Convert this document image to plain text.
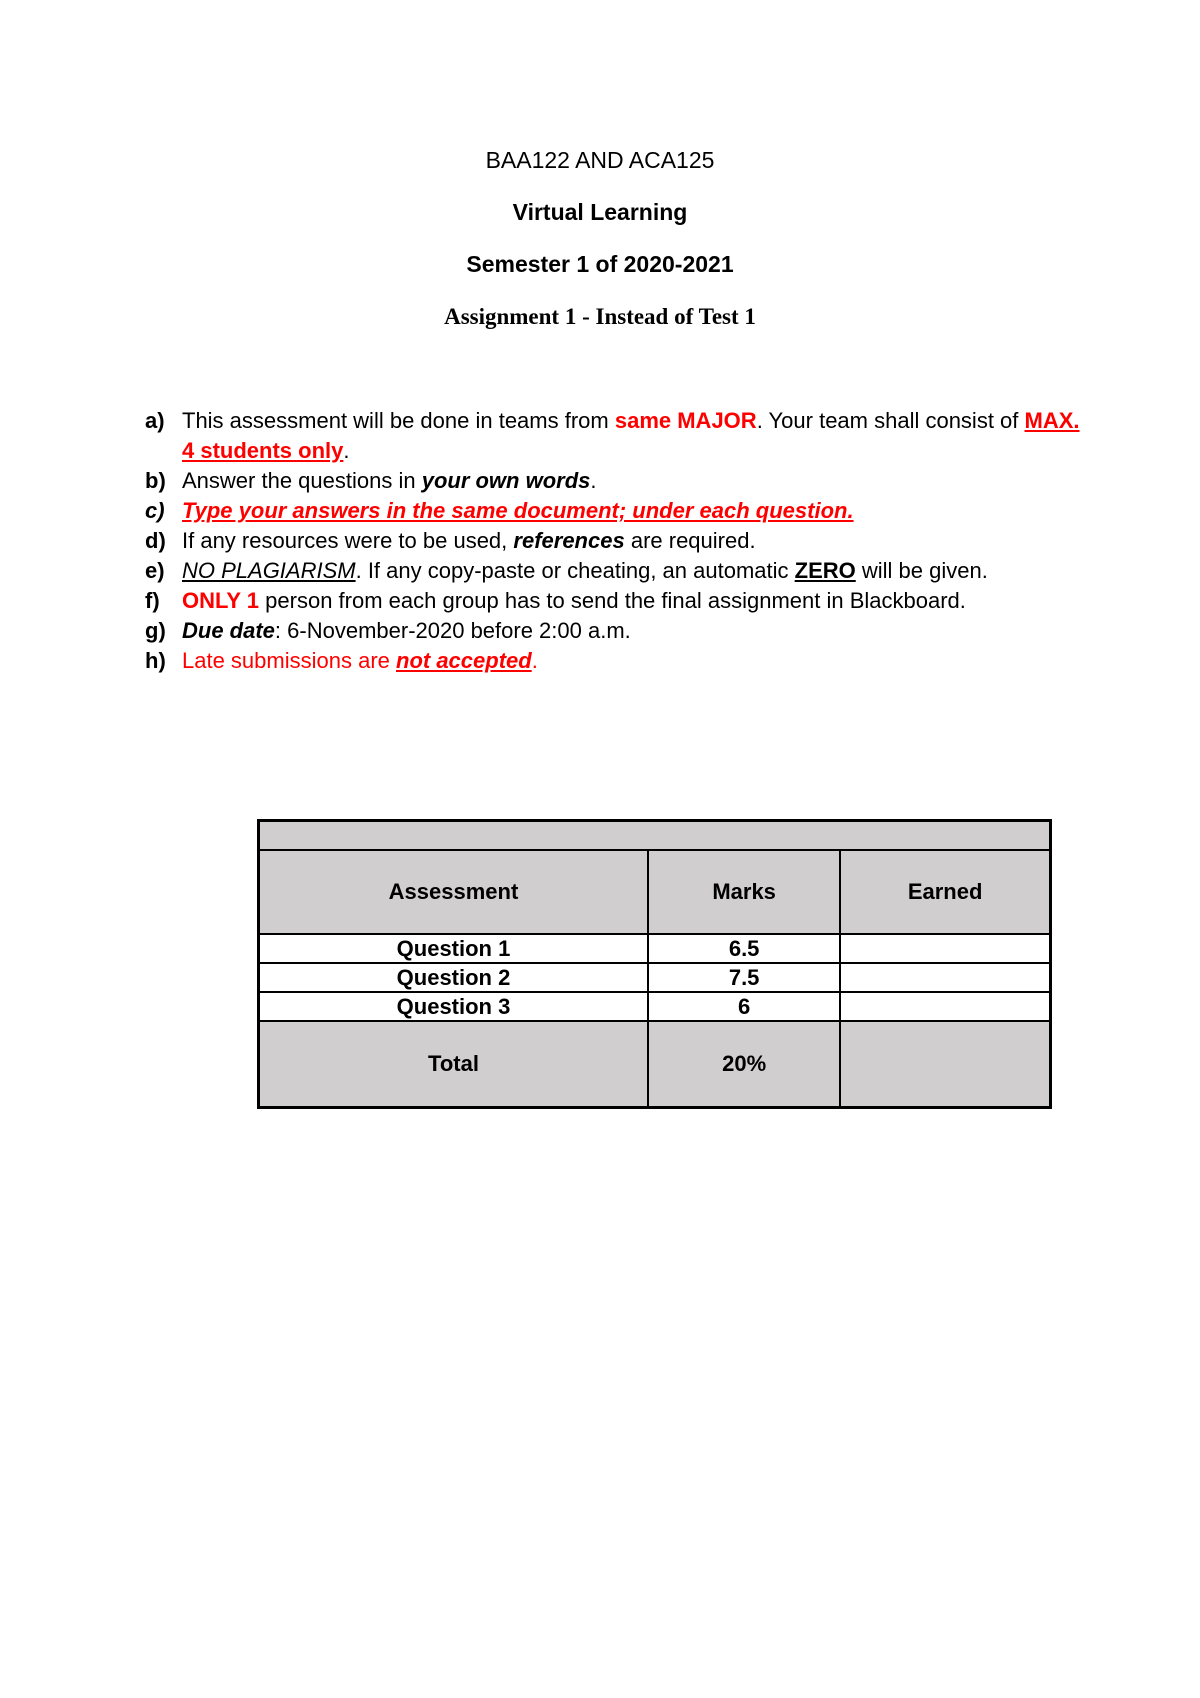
BAA122 AND ACA125
Virtual Learning
Semester 1 of 2020-2021
Assignment 1 - Instead of Test 1
a) This assessment will be done in teams from same MAJOR. Your team shall consist of MAX. 4 students only.
b) Answer the questions in your own words.
c) Type your answers in the same document; under each question.
d) If any resources were to be used, references are required.
e) NO PLAGIARISM. If any copy-paste or cheating, an automatic ZERO will be given.
f) ONLY 1 person from each group has to send the final assignment in Blackboard.
g) Due date: 6-November-2020 before 2:00 a.m.
h) Late submissions are not accepted.

Assessment	Marks	Earned
Question 1	6.5	
Question 2	7.5	
Question 3	6	
Total	20%	
